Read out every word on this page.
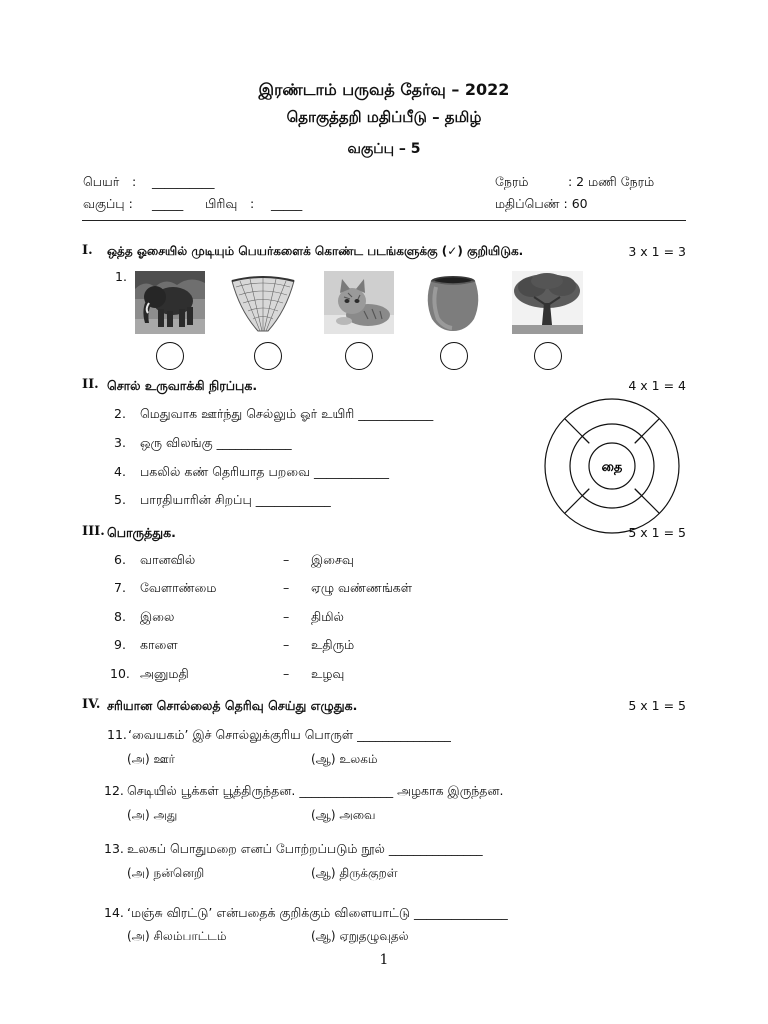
இரண்டாம் பருவத் தேர்வு – 2022
தொகுத்தறி மதிப்பீடு – தமிழ்
வகுப்பு – 5
பெயர் : __________
வகுப்பு : _____ பிரிவு : _____
நேரம்	: 2 மணி நேரம்
மதிப்பெண் : 60
I. ஒத்த ஓசையில் முடியும் பெயர்களைக் கொண்ட படங்களுக்கு (✓) குறியிடுக.	3 x 1 = 3
1.
II. சொல் உருவாக்கி நிரப்புக.	4 x 1 = 4
2. மெதுவாக ஊர்ந்து செல்லும் ஓர் உயிரி ____________
3. ஒரு விலங்கு ____________
4. பகலில் கண் தெரியாத பறவை ____________
5. பாரதியாரின் சிறப்பு ____________
தை
III. பொருத்துக.	5 x 1 = 5
6. வானவில்	– இசைவு
7. வேளாண்மை	– ஏழு வண்ணங்கள்
8. இலை	– திமில்
9. காளை	– உதிரும்
10. அனுமதி	– உழவு
IV. சரியான சொல்லைத் தெரிவு செய்து எழுதுக.	5 x 1 = 5
11. ‘வையகம்’ இச் சொல்லுக்குரிய பொருள் _______________
(அ) ஊர்	(ஆ) உலகம்
12. செடியில் பூக்கள் பூத்திருந்தன. _______________ அழகாக இருந்தன.
(அ) அது	(ஆ) அவை
13. உலகப் பொதுமறை எனப் போற்றப்படும் நூல் _______________
(அ) நன்னெறி	(ஆ) திருக்குறள்
14. ‘மஞ்சு விரட்டு’ என்பதைக் குறிக்கும் விளையாட்டு _______________
(அ) சிலம்பாட்டம்	(ஆ) ஏறுதழுவுதல்
1
